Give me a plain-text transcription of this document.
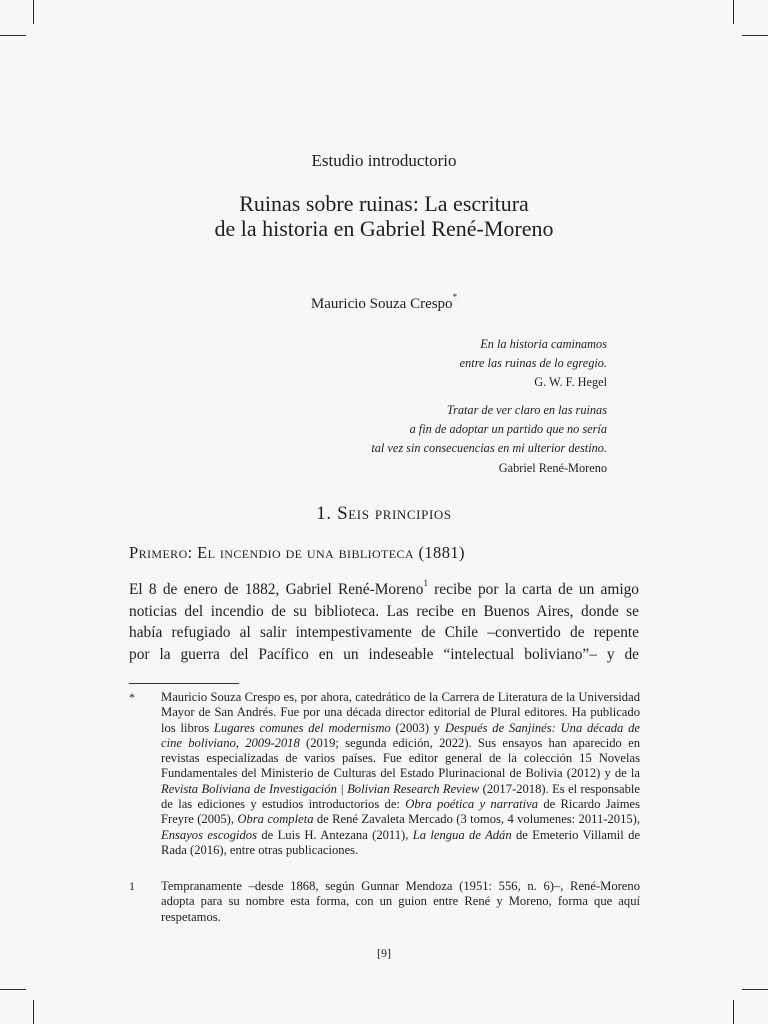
Estudio introductorio
Ruinas sobre ruinas: La escritura
de la historia en Gabriel René-Moreno
Mauricio Souza Crespo*
En la historia caminamos
entre las ruinas de lo egregio.
G. W. F. Hegel
Tratar de ver claro en las ruinas
a fin de adoptar un partido que no sería
tal vez sin consecuencias en mi ulterior destino.
Gabriel René-Moreno
1. Seis principios
Primero: El incendio de una biblioteca (1881)
El 8 de enero de 1882, Gabriel René-Moreno$^1$ recibe por la carta de un amigo
noticias del incendio de su biblioteca. Las recibe en Buenos Aires, donde se
había refugiado al salir intempestivamente de Chile –convertido de repente
por la guerra del Pacífico en un indeseable “intelectual boliviano”– y de
* Mauricio Souza Crespo es, por ahora, catedrático de la Carrera de Literatura de la Universidad Mayor de San Andrés. Fue por una década director editorial de Plural editores. Ha publicado los libros Lugares comunes del modernismo (2003) y Después de Sanjinés: Una década de cine boliviano, 2009-2018 (2019; segunda edición, 2022). Sus ensayos han aparecido en revistas especializadas de varios países. Fue editor general de la colección 15 Novelas Fundamentales del Ministerio de Culturas del Estado Plurinacional de Bolivia (2012) y de la Revista Boliviana de Investigación | Bolivian Research Review (2017-2018). Es el responsable de las ediciones y estudios introductorios de: Obra poética y narrativa de Ricardo Jaimes Freyre (2005), Obra completa de René Zavaleta Mercado (3 tomos, 4 volumenes: 2011-2015), Ensayos escogidos de Luis H. Antezana (2011), La lengua de Adán de Emeterio Villamil de Rada (2016), entre otras publicaciones.
1 Tempranamente –desde 1868, según Gunnar Mendoza (1951: 556, n. 6)–, René-Moreno adopta para su nombre esta forma, con un guion entre René y Moreno, forma que aquí respetamos.
[9]
